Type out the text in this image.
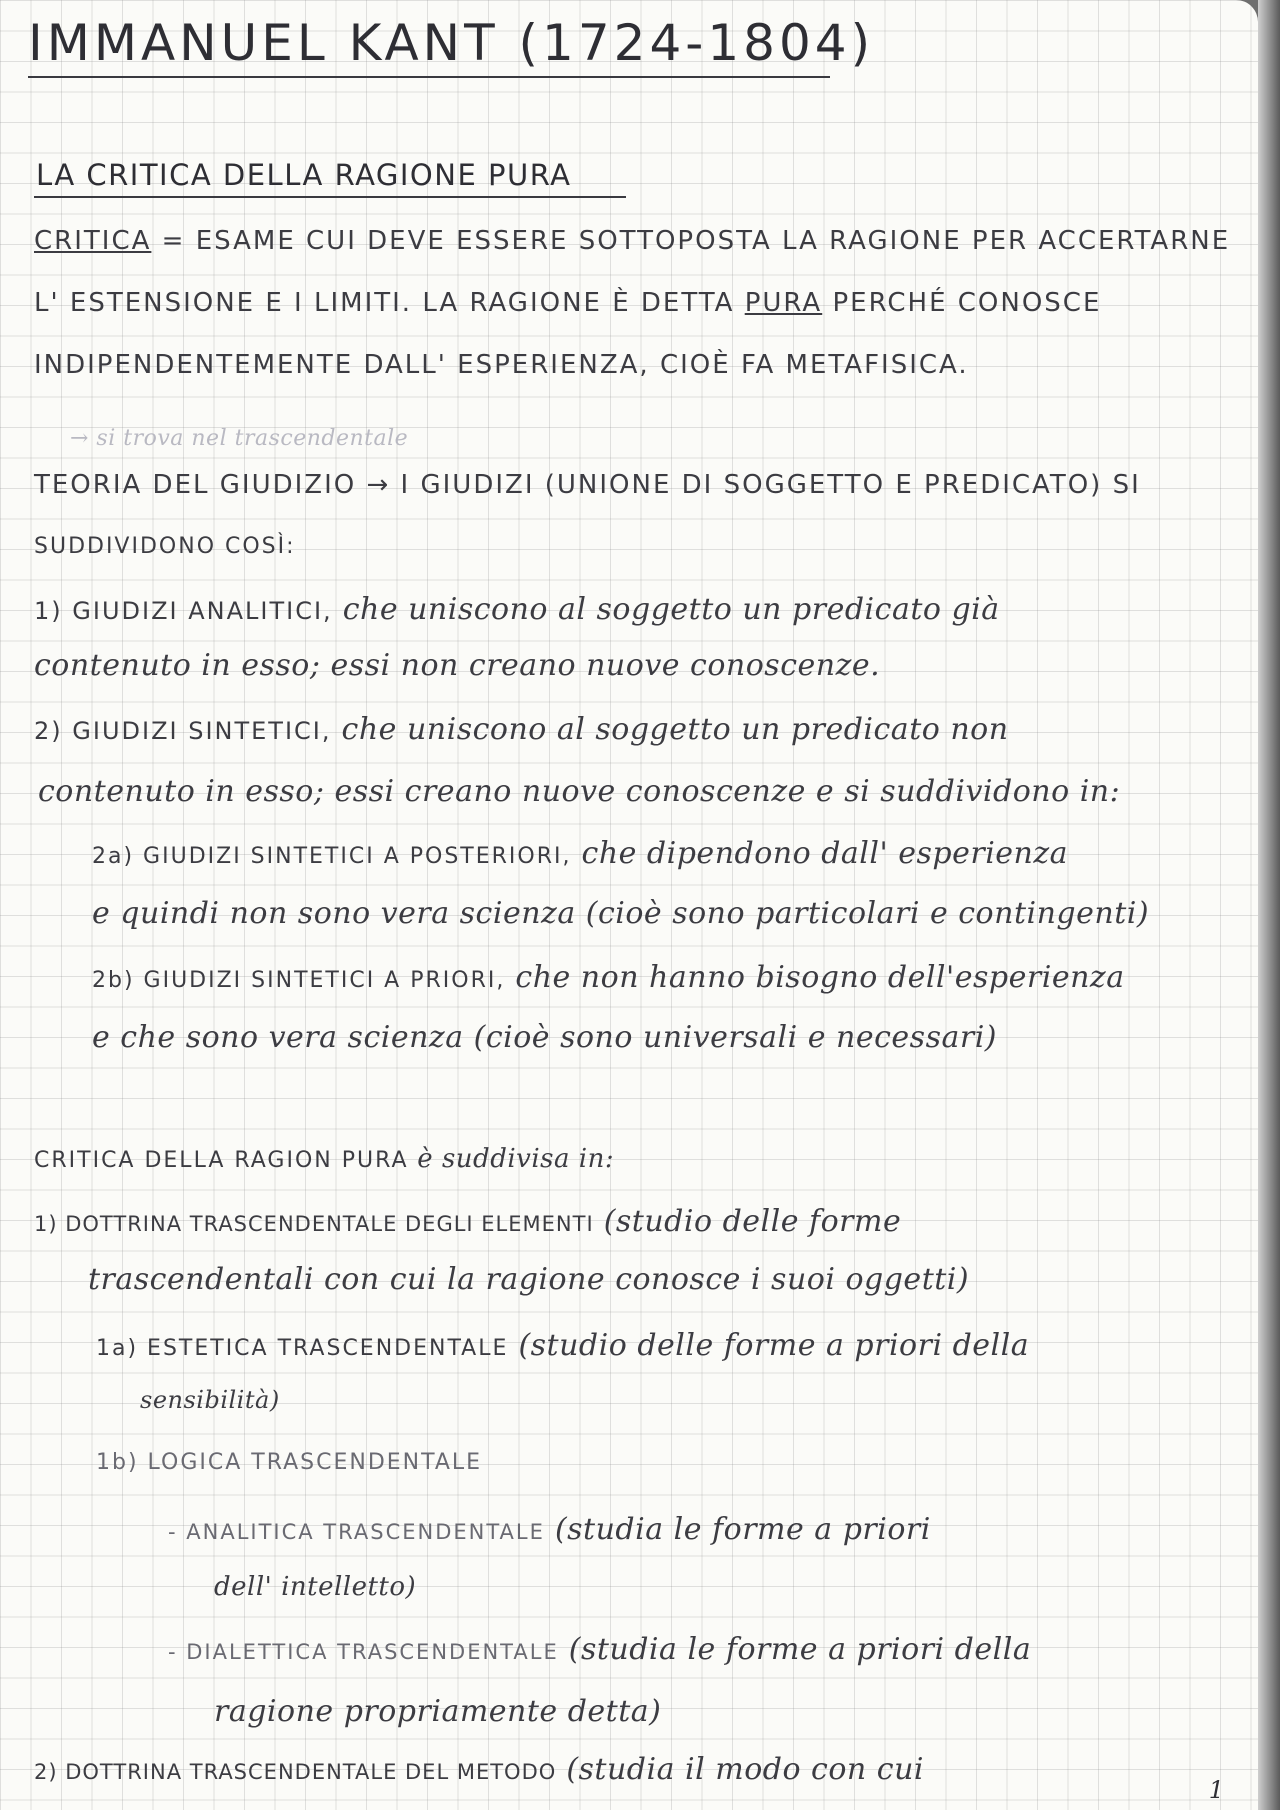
IMMANUEL KANT (1724-1804)
LA CRITICA DELLA RAGIONE PURA
CRITICA = ESAME CUI DEVE ESSERE SOTTOPOSTA LA RAGIONE PER ACCERTARNE
L' ESTENSIONE E I LIMITI. LA RAGIONE È DETTA PURA PERCHÉ CONOSCE
INDIPENDENTEMENTE DALL' ESPERIENZA, CIOÈ FA METAFISICA.
→ si trova nel trascendentale
TEORIA DEL GIUDIZIO → I GIUDIZI (UNIONE DI SOGGETTO E PREDICATO) SI
SUDDIVIDONO COSÌ:
1) GIUDIZI ANALITICI, che uniscono al soggetto un predicato già
contenuto in esso; essi non creano nuove conoscenze.
2) GIUDIZI SINTETICI, che uniscono al soggetto un predicato non
contenuto in esso; essi creano nuove conoscenze e si suddividono in:
2a) GIUDIZI SINTETICI A POSTERIORI, che dipendono dall' esperienza
e quindi non sono vera scienza (cioè sono particolari e contingenti)
2b) GIUDIZI SINTETICI A PRIORI, che non hanno bisogno dell'esperienza
e che sono vera scienza (cioè sono universali e necessari)
CRITICA DELLA RAGION PURA è suddivisa in:
1) DOTTRINA TRASCENDENTALE DEGLI ELEMENTI (studio delle forme
trascendentali con cui la ragione conosce i suoi oggetti)
1a) ESTETICA TRASCENDENTALE (studio delle forme a priori della
sensibilità)
1b) LOGICA TRASCENDENTALE
- ANALITICA TRASCENDENTALE (studia le forme a priori
dell' intelletto)
- DIALETTICA TRASCENDENTALE (studia le forme a priori della
ragione propriamente detta)
2) DOTTRINA TRASCENDENTALE DEL METODO (studia il modo con cui
1
